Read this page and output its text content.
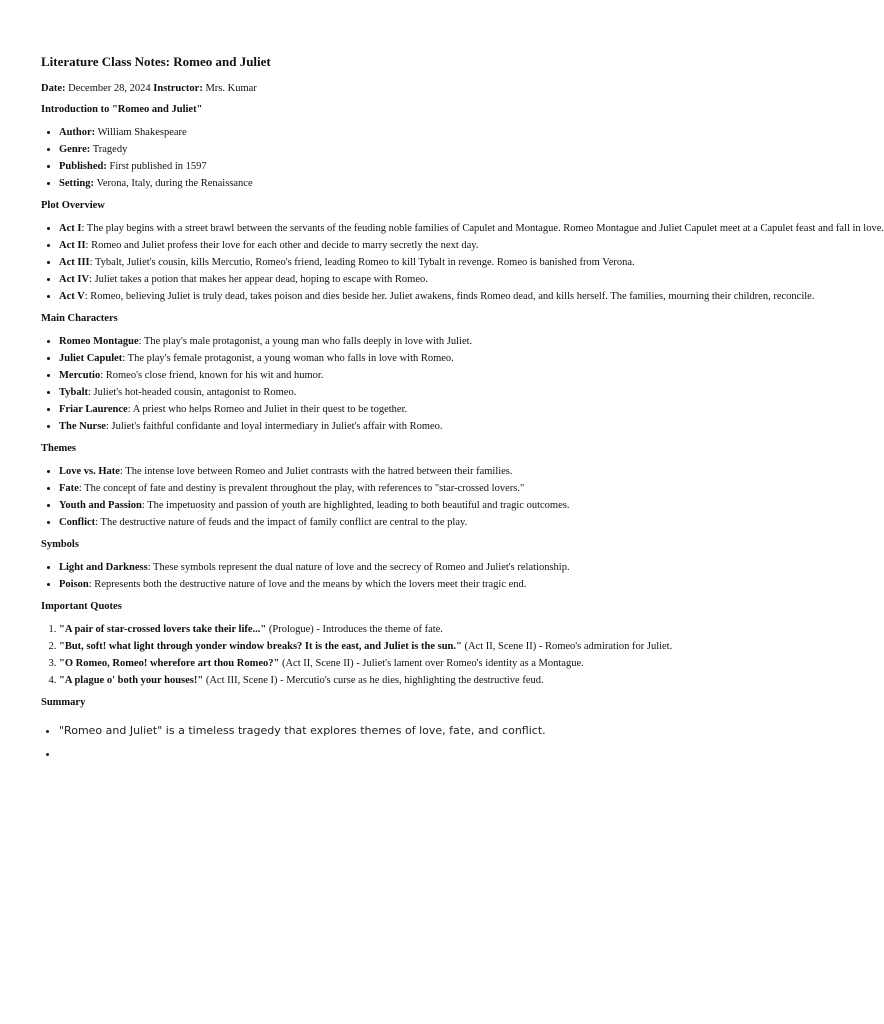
Literature Class Notes: Romeo and Juliet

Date: December 28, 2024 Instructor: Mrs. Kumar

Introduction to "Romeo and Juliet"
• Author: William Shakespeare
• Genre: Tragedy
• Published: First published in 1597
• Setting: Verona, Italy, during the Renaissance
Plot Overview
• Act I: The play begins with a street brawl between the servants of the feuding noble families of Capulet and Montague. Romeo Montague and Juliet Capulet meet at a Capulet feast and fall in love.
• Act II: Romeo and Juliet profess their love for each other and decide to marry secretly the next day.
• Act III: Tybalt, Juliet's cousin, kills Mercutio, Romeo's friend, leading Romeo to kill Tybalt in revenge. Romeo is banished from Verona.
• Act IV: Juliet takes a potion that makes her appear dead, hoping to escape with Romeo.
• Act V: Romeo, believing Juliet is truly dead, takes poison and dies beside her. Juliet awakens, finds Romeo dead, and kills herself. The families, mourning their children, reconcile.
Main Characters
• Romeo Montague: The play's male protagonist, a young man who falls deeply in love with Juliet.
• Juliet Capulet: The play's female protagonist, a young woman who falls in love with Romeo.
• Mercutio: Romeo's close friend, known for his wit and humor.
• Tybalt: Juliet's hot-headed cousin, antagonist to Romeo.
• Friar Laurence: A priest who helps Romeo and Juliet in their quest to be together.
• The Nurse: Juliet's faithful confidante and loyal intermediary in Juliet's affair with Romeo.
Themes
• Love vs. Hate: The intense love between Romeo and Juliet contrasts with the hatred between their families.
• Fate: The concept of fate and destiny is prevalent throughout the play, with references to "star-crossed lovers."
• Youth and Passion: The impetuosity and passion of youth are highlighted, leading to both beautiful and tragic outcomes.
• Conflict: The destructive nature of feuds and the impact of family conflict are central to the play.
Symbols
• Light and Darkness: These symbols represent the dual nature of love and the secrecy of Romeo and Juliet's relationship.
• Poison: Represents both the destructive nature of love and the means by which the lovers meet their tragic end.
Important Quotes
1. "A pair of star-crossed lovers take their life..." (Prologue) - Introduces the theme of fate.
2. "But, soft! what light through yonder window breaks? It is the east, and Juliet is the sun." (Act II, Scene II) - Romeo's admiration for Juliet.
3. "O Romeo, Romeo! wherefore art thou Romeo?" (Act II, Scene II) - Juliet's lament over Romeo's identity as a Montague.
4. "A plague o' both your houses!" (Act III, Scene I) - Mercutio's curse as he dies, highlighting the destructive feud.
Summary
• "Romeo and Juliet" is a timeless tragedy that explores themes of love, fate, and conflict.
•
